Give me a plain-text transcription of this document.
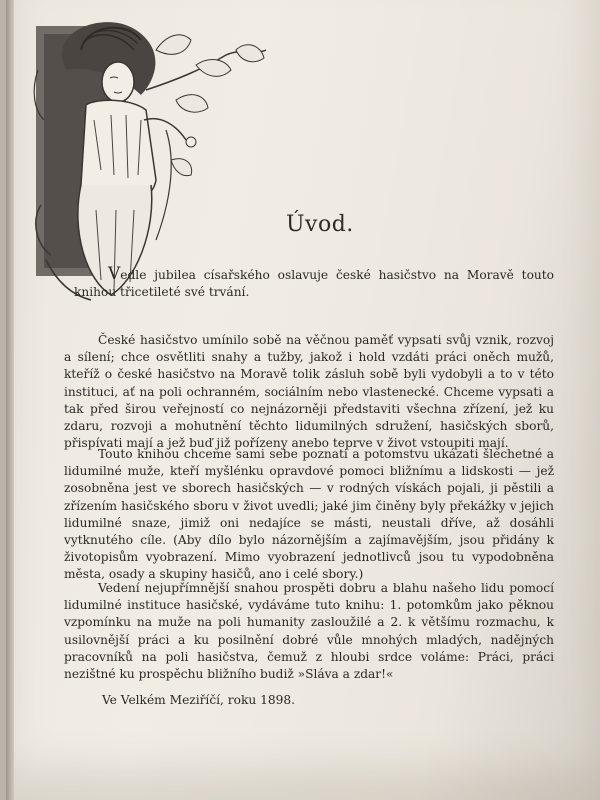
Úvod.
Vedle jubilea císařského oslavuje české hasičstvo na Moravě touto knihou třicetileté své trvání.
České hasičstvo umínilo sobě na věčnou paměť vypsati svůj vznik, rozvoj a sílení; chce osvětliti snahy a tužby, jakož i hold vzdáti práci oněch mužů, kteříž o české hasičstvo na Moravě tolik zásluh sobě byli vydobyli a to v této instituci, ať na poli ochranném, sociálním nebo vlastenecké. Chceme vypsati a tak před širou veřejností co nejnázorněji představiti všechna zřízení, jež ku zdaru, rozvoji a mohutnění těchto lidumilných sdružení, hasičských sborů, přispívati mají a jež buď již pořízeny anebo teprve v život vstoupiti mají.
Touto knihou chceme sami sebe poznati a potomstvu ukázati šlechetné a lidumilné muže, kteří myšlénku opravdové pomoci bližnímu a lidskosti — jež zosobněna jest ve sborech hasičských — v rodných vískách pojali, ji pěstili a zřízením hasičského sboru v život uvedli; jaké jim činěny byly překážky v jejich lidumilné snaze, jimiž oni nedajíce se másti, neustali dříve, až dosáhli vytknutého cíle. (Aby dílo bylo názornějším a zajímavějším, jsou přidány k životopisům vyobrazení. Mimo vyobrazení jednotlivců jsou tu vypodobněna města, osady a skupiny hasičů, ano i celé sbory.)
Vedení nejupřímnější snahou prospěti dobru a blahu našeho lidu pomocí lidumilné instituce hasičské, vydáváme tuto knihu: 1. potomkům jako pěknou vzpomínku na muže na poli humanity zasloužilé a 2. k většímu rozmachu, k usilovnější práci a ku posilnění dobré vůle mnohých mladých, nadějných pracovníků na poli hasičstva, čemuž z hloubi srdce voláme: Práci, práci nezištné ku prospěchu bližního budiž »Sláva a zdar!«
Ve Velkém Meziříčí, roku 1898.
